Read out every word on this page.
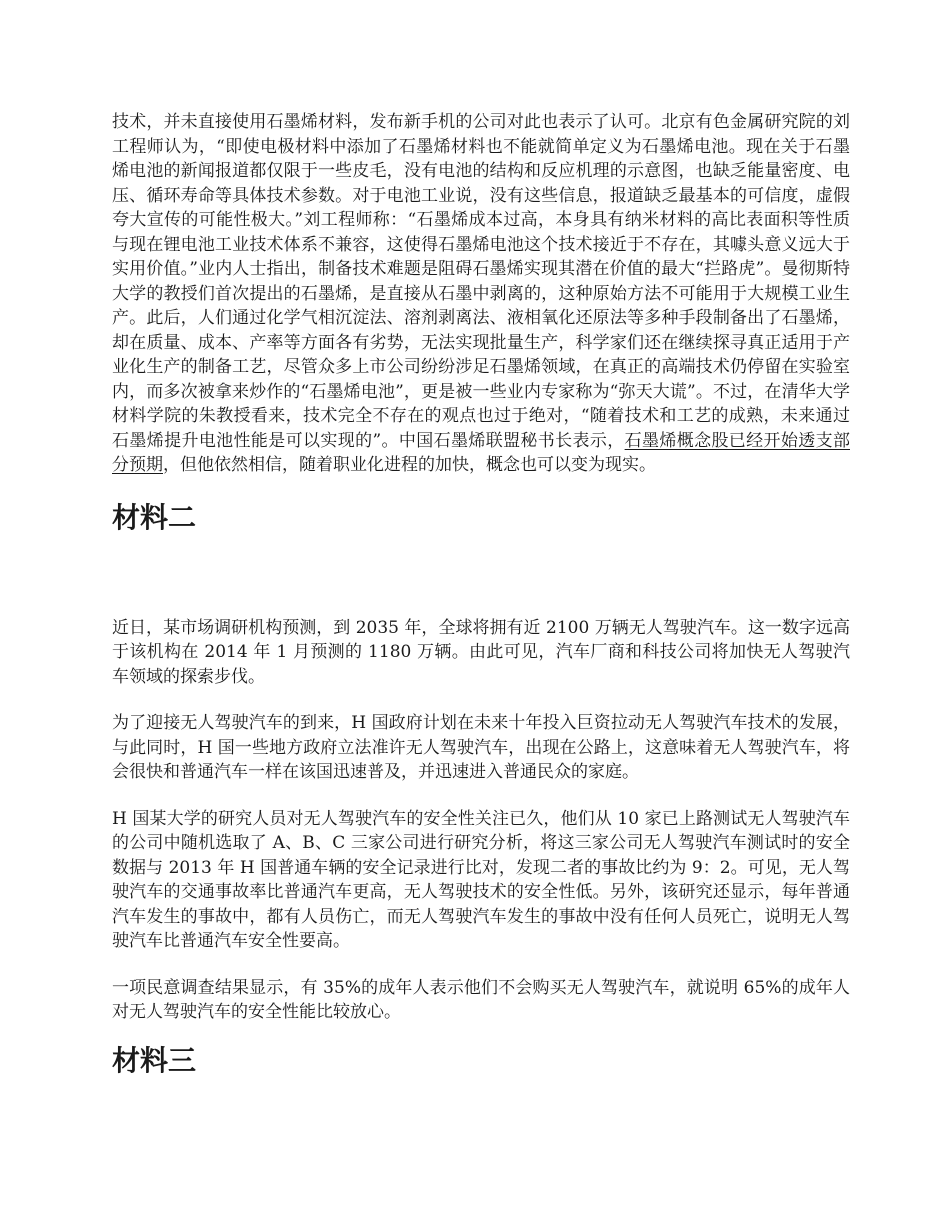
技术，并未直接使用石墨烯材料，发布新手机的公司对此也表示了认可。北京有色金属研究院的刘工程师认为，“即使电极材料中添加了石墨烯材料也不能就简单定义为石墨烯电池。现在关于石墨烯电池的新闻报道都仅限于一些皮毛，没有电池的结构和反应机理的示意图，也缺乏能量密度、电压、循环寿命等具体技术参数。对于电池工业说，没有这些信息，报道缺乏最基本的可信度，虚假夸大宣传的可能性极大。”刘工程师称：“石墨烯成本过高，本身具有纳米材料的高比表面积等性质与现在锂电池工业技术体系不兼容，这使得石墨烯电池这个技术接近于不存在，其噱头意义远大于实用价值。”业内人士指出，制备技术难题是阻碍石墨烯实现其潜在价值的最大“拦路虎”。曼彻斯特大学的教授们首次提出的石墨烯，是直接从石墨中剥离的，这种原始方法不可能用于大规模工业生产。此后，人们通过化学气相沉淀法、溶剂剥离法、液相氧化还原法等多种手段制备出了石墨烯，却在质量、成本、产率等方面各有劣势，无法实现批量生产，科学家们还在继续探寻真正适用于产业化生产的制备工艺，尽管众多上市公司纷纷涉足石墨烯领域，在真正的高端技术仍停留在实验室内，而多次被拿来炒作的“石墨烯电池”，更是被一些业内专家称为“弥天大谎”。不过，在清华大学材料学院的朱教授看来，技术完全不存在的观点也过于绝对，“随着技术和工艺的成熟，未来通过石墨烯提升电池性能是可以实现的”。中国石墨烯联盟秘书长表示，石墨烯概念股已经开始透支部分预期，但他依然相信，随着职业化进程的加快，概念也可以变为现实。

材料二

近日，某市场调研机构预测，到 2035 年，全球将拥有近 2100 万辆无人驾驶汽车。这一数字远高于该机构在 2014 年 1 月预测的 1180 万辆。由此可见，汽车厂商和科技公司将加快无人驾驶汽车领域的探索步伐。

为了迎接无人驾驶汽车的到来，H 国政府计划在未来十年投入巨资拉动无人驾驶汽车技术的发展，与此同时，H 国一些地方政府立法准许无人驾驶汽车，出现在公路上，这意味着无人驾驶汽车，将会很快和普通汽车一样在该国迅速普及，并迅速进入普通民众的家庭。

H 国某大学的研究人员对无人驾驶汽车的安全性关注已久，他们从 10 家已上路测试无人驾驶汽车的公司中随机选取了 A、B、C 三家公司进行研究分析，将这三家公司无人驾驶汽车测试时的安全数据与 2013 年 H 国普通车辆的安全记录进行比对，发现二者的事故比约为 9：2。可见，无人驾驶汽车的交通事故率比普通汽车更高，无人驾驶技术的安全性低。另外，该研究还显示，每年普通汽车发生的事故中，都有人员伤亡，而无人驾驶汽车发生的事故中没有任何人员死亡，说明无人驾驶汽车比普通汽车安全性要高。

一项民意调查结果显示，有 35%的成年人表示他们不会购买无人驾驶汽车，就说明 65%的成年人对无人驾驶汽车的安全性能比较放心。

材料三
